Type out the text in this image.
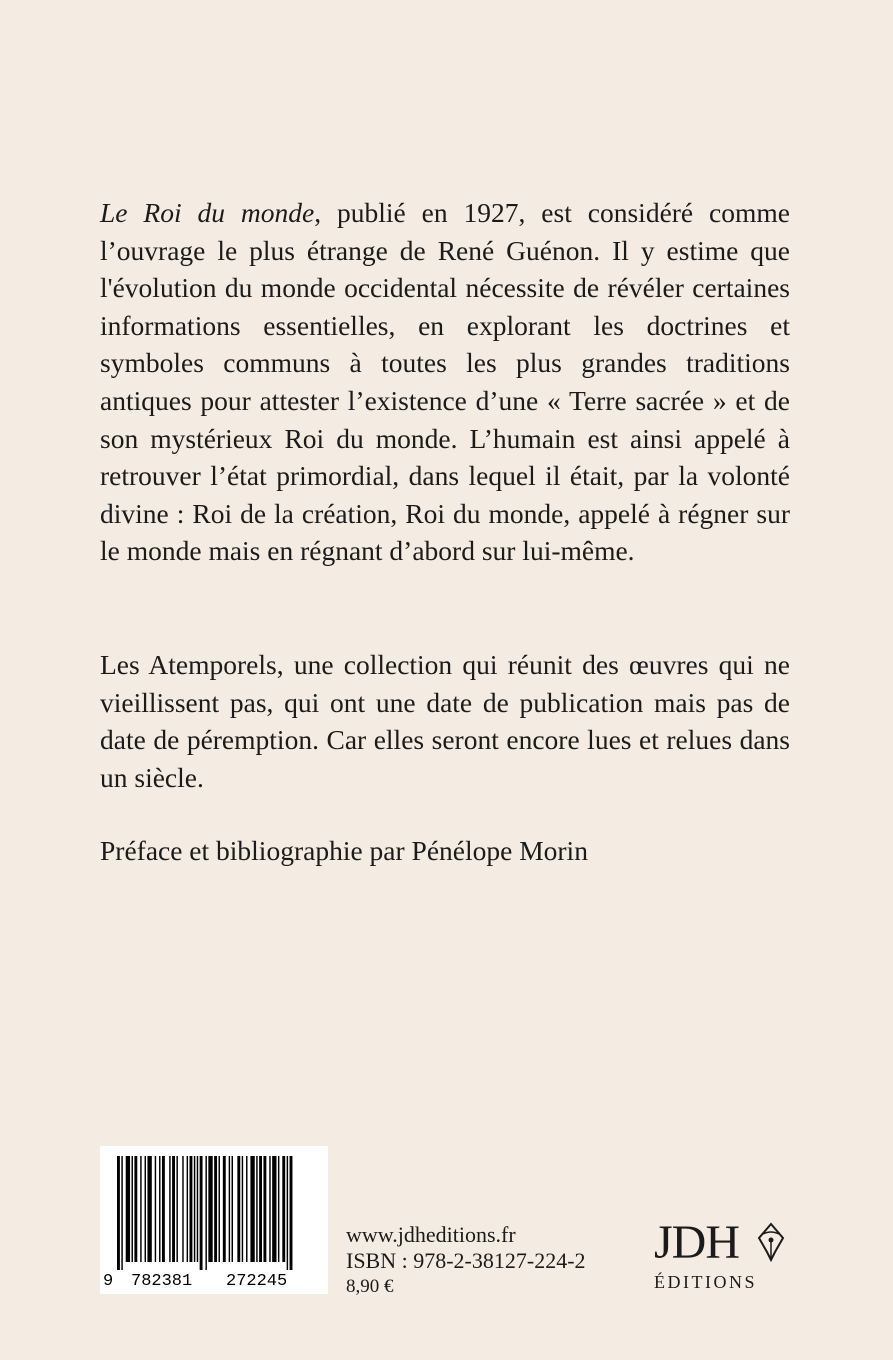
Le Roi du monde, publié en 1927, est considéré comme l’ouvrage le plus étrange de René Guénon. Il y estime que l'évolution du monde occidental nécessite de révéler certaines informations essentielles, en explorant les doctrines et symboles communs à toutes les plus grandes traditions antiques pour attester l’existence d’une « Terre sacrée » et de son mystérieux Roi du monde. L’humain est ainsi appelé à retrouver l’état primordial, dans lequel il était, par la volonté divine : Roi de la création, Roi du monde, appelé à régner sur le monde mais en régnant d’abord sur lui-même.
Les Atemporels, une collection qui réunit des œuvres qui ne vieillissent pas, qui ont une date de publication mais pas de date de péremption. Car elles seront encore lues et relues dans un siècle.
Préface et bibliographie par Pénélope Morin
9 782381 272245
www.jdheditions.fr
ISBN : 978-2-38127-224-2
8,90 €
JDH
ÉDITIONS
